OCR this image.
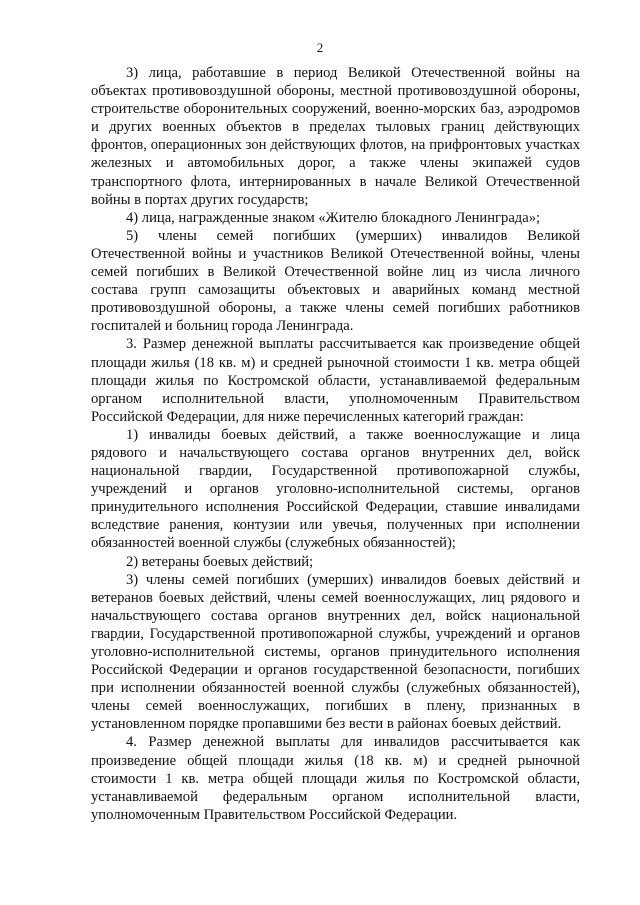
2

3) лица, работавшие в период Великой Отечественной войны на объектах противовоздушной обороны, местной противовоздушной обороны, строительстве оборонительных сооружений, военно-морских баз, аэродромов и других военных объектов в пределах тыловых границ действующих фронтов, операционных зон действующих флотов, на прифронтовых участках железных и автомобильных дорог, а также члены экипажей судов транспортного флота, интернированных в начале Великой Отечественной войны в портах других государств;

4) лица, награжденные знаком «Жителю блокадного Ленинграда»;

5) члены семей погибших (умерших) инвалидов Великой Отечественной войны и участников Великой Отечественной войны, члены семей погибших в Великой Отечественной войне лиц из числа личного состава групп самозащиты объектовых и аварийных команд местной противовоздушной обороны, а также члены семей погибших работников госпиталей и больниц города Ленинграда.

3. Размер денежной выплаты рассчитывается как произведение общей площади жилья (18 кв. м) и средней рыночной стоимости 1 кв. метра общей площади жилья по Костромской области, устанавливаемой федеральным органом исполнительной власти, уполномоченным Правительством Российской Федерации, для ниже перечисленных категорий граждан:

1) инвалиды боевых действий, а также военнослужащие и лица рядового и начальствующего состава органов внутренних дел, войск национальной гвардии, Государственной противопожарной службы, учреждений и органов уголовно-исполнительной системы, органов принудительного исполнения Российской Федерации, ставшие инвалидами вследствие ранения, контузии или увечья, полученных при исполнении обязанностей военной службы (служебных обязанностей);

2) ветераны боевых действий;

3) члены семей погибших (умерших) инвалидов боевых действий и ветеранов боевых действий, члены семей военнослужащих, лиц рядового и начальствующего состава органов внутренних дел, войск национальной гвардии, Государственной противопожарной службы, учреждений и органов уголовно-исполнительной системы, органов принудительного исполнения Российской Федерации и органов государственной безопасности, погибших при исполнении обязанностей военной службы (служебных обязанностей), члены семей военнослужащих, погибших в плену, признанных в установленном порядке пропавшими без вести в районах боевых действий.

4. Размер денежной выплаты для инвалидов рассчитывается как произведение общей площади жилья (18 кв. м) и средней рыночной стоимости 1 кв. метра общей площади жилья по Костромской области, устанавливаемой федеральным органом исполнительной власти, уполномоченным Правительством Российской Федерации.
